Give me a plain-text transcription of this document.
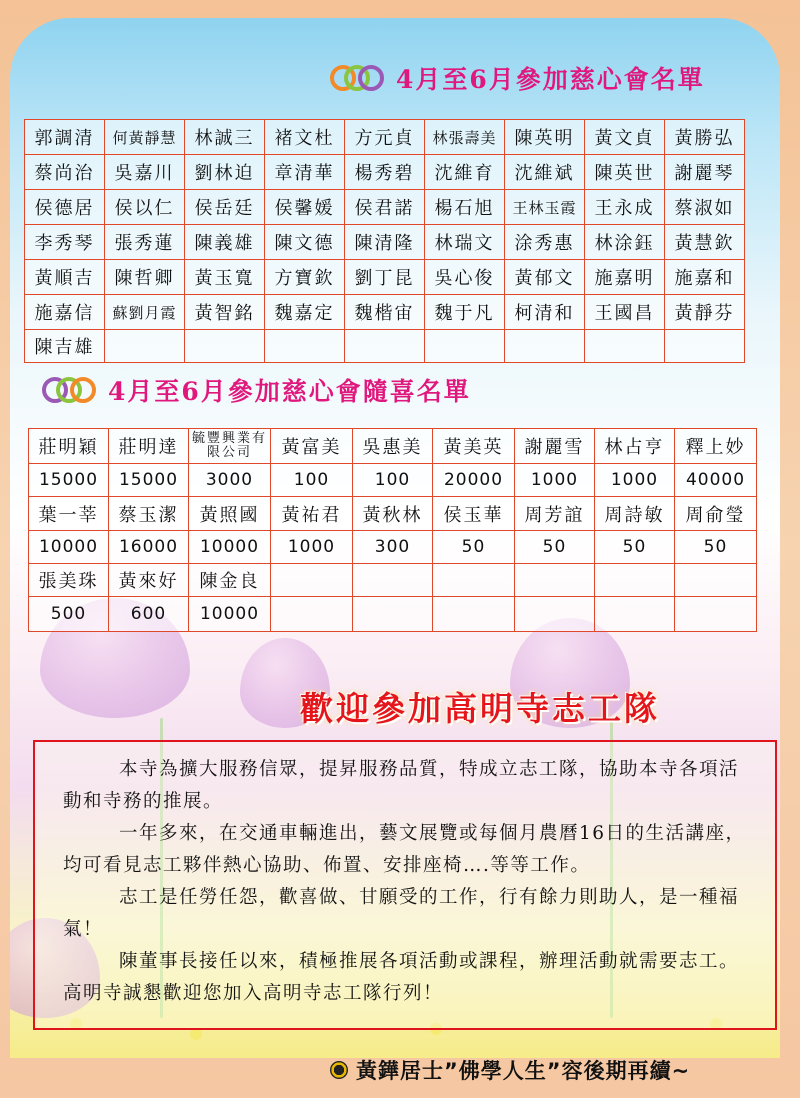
4月至6月參加慈心會名單
郭調清	何黃靜慧	林誠三	褚文杜	方元貞	林張壽美	陳英明	黃文貞	黃勝弘
蔡尚治	吳嘉川	劉林迫	章清華	楊秀碧	沈維育	沈維斌	陳英世	謝麗琴
侯德居	侯以仁	侯岳廷	侯馨媛	侯君諾	楊石旭	王林玉霞	王永成	蔡淑如
李秀琴	張秀蓮	陳義雄	陳文德	陳清隆	林瑞文	涂秀惠	林涂鈺	黃慧欽
黃順吉	陳哲卿	黃玉寬	方寶欽	劉丁昆	吳心俊	黃郁文	施嘉明	施嘉和
施嘉信	蘇劉月霞	黃智銘	魏嘉定	魏楷宙	魏于凡	柯清和	王國昌	黃靜芬
陳吉雄								
4月至6月參加慈心會隨喜名單
莊明穎	莊明達	毓豐興業有限公司	黃富美	吳惠美	黃美英	謝麗雪	林占亨	釋上妙
15000	15000	3000	100	100	20000	1000	1000	40000
葉一莘	蔡玉潔	黃照國	黃祐君	黃秋林	侯玉華	周芳誼	周詩敏	周俞瑩
10000	16000	10000	1000	300	50	50	50	50
張美珠	黃來好	陳金良						
500	600	10000						
歡迎參加高明寺志工隊

本寺為擴大服務信眾，提昇服務品質，特成立志工隊，協助本寺各項活動和寺務的推展。

一年多來，在交通車輛進出，藝文展覽或每個月農曆16日的生活講座，均可看見志工夥伴熱心協助、佈置、安排座椅….等等工作。

志工是任勞任怨，歡喜做、甘願受的工作，行有餘力則助人，是一種福氣！

陳董事長接任以來，積極推展各項活動或課程，辦理活動就需要志工。高明寺誠懇歡迎您加入高明寺志工隊行列！

黃鏵居士”佛學人生”容後期再續~
